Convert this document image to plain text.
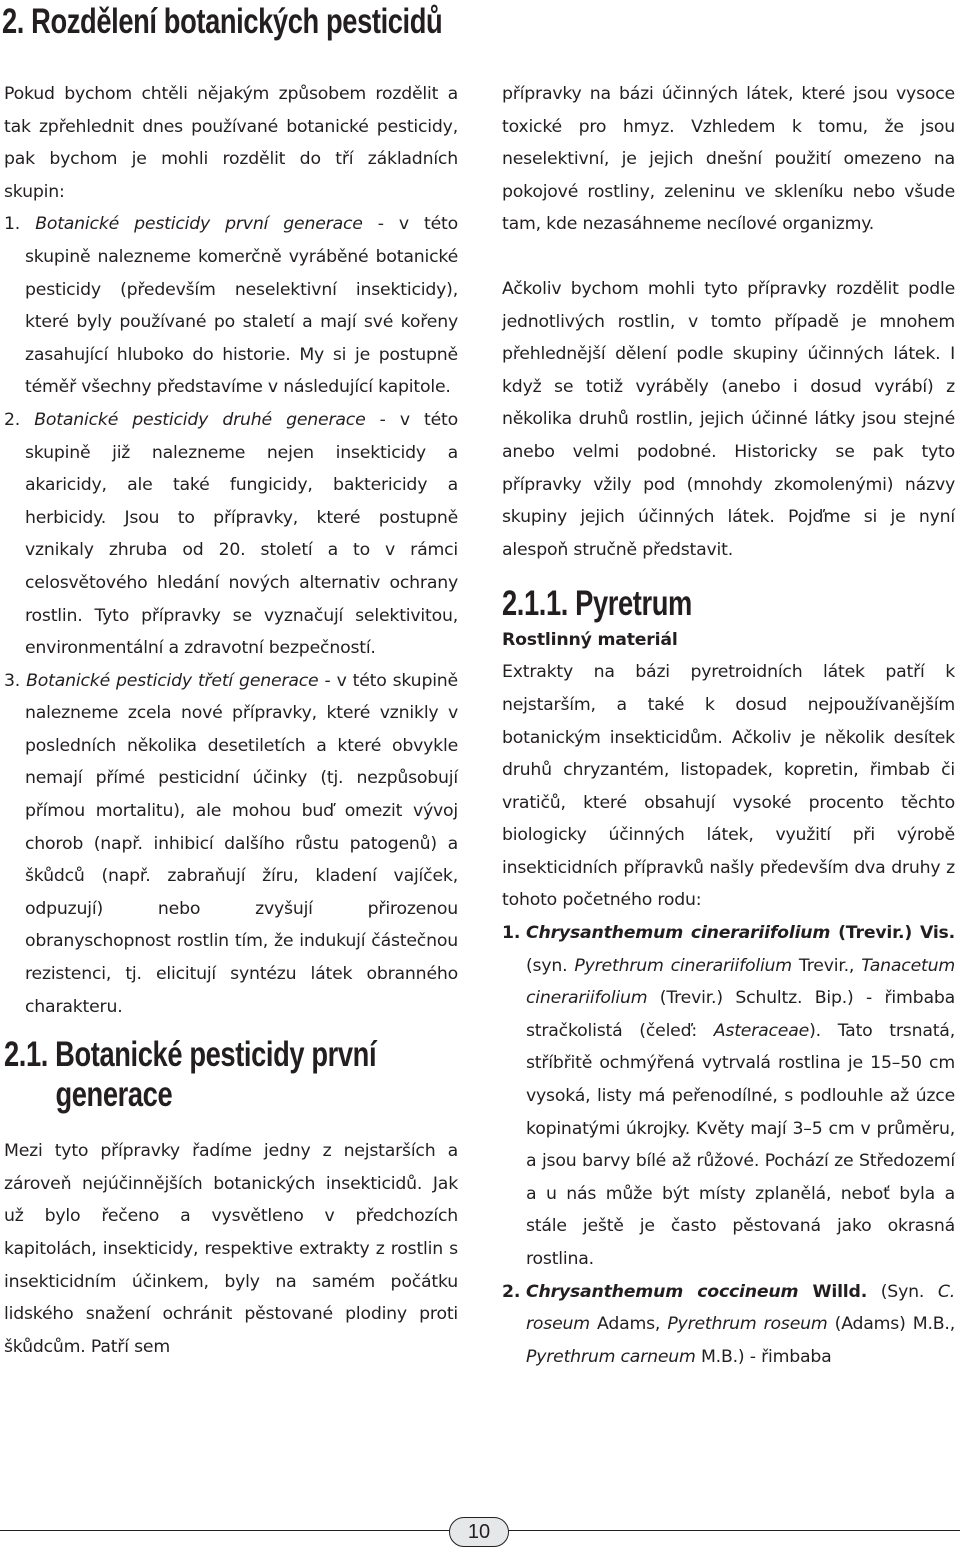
2. Rozdělení botanických pesticidů

Pokud bychom chtěli nějakým způsobem rozdělit a tak zpřehlednit dnes používané botanické pesticidy, pak bychom je mohli rozdělit do tří základních skupin:

1. Botanické pesticidy první generace - v této skupině nalezneme komerčně vyráběné botanické pesticidy (především neselektivní insekticidy), které byly používané po staletí a mají své kořeny zasahující hluboko do historie. My si je postupně téměř všechny představíme v následující kapitole.

2. Botanické pesticidy druhé generace - v této skupině již nalezneme nejen insekticidy a akaricidy, ale také fungicidy, baktericidy a herbicidy. Jsou to přípravky, které postupně vznikaly zhruba od 20. století a to v rámci celosvětového hledání nových alternativ ochrany rostlin. Tyto přípravky se vyznačují selektivitou, environmentální a zdravotní bezpečností.

3. Botanické pesticidy třetí generace - v této skupině nalezneme zcela nové přípravky, které vznikly v posledních několika desetiletích a které obvykle nemají přímé pesticidní účinky (tj. nezpůsobují přímou mortalitu), ale mohou buď omezit vývoj chorob (např. inhibicí dalšího růstu patogenů) a škůdců (např. zabraňují žíru, kladení vajíček, odpuzují) nebo zvyšují přirozenou obranyschopnost rostlin tím, že indukují částečnou rezistenci, tj. elicitují syntézu látek obranného charakteru.

2.1. Botanické pesticidy první
generace

Mezi tyto přípravky řadíme jedny z nejstarších a zároveň nejúčinnějších botanických insekticidů. Jak už bylo řečeno a vysvětleno v předchozích kapitolách, insekticidy, respektive extrakty z rostlin s insekticidním účinkem, byly na samém počátku lidského snažení ochránit pěstované plodiny proti škůdcům. Patří sem

přípravky na bázi účinných látek, které jsou vysoce toxické pro hmyz. Vzhledem k tomu, že jsou neselektivní, je jejich dnešní použití omezeno na pokojové rostliny, zeleninu ve skleníku nebo všude tam, kde nezasáhneme necílové organizmy.

Ačkoliv bychom mohli tyto přípravky rozdělit podle jednotlivých rostlin, v tomto případě je mnohem přehlednější dělení podle skupiny účinných látek. I když se totiž vyráběly (anebo i dosud vyrábí) z několika druhů rostlin, jejich účinné látky jsou stejné anebo velmi podobné. Historicky se pak tyto přípravky vžily pod (mnohdy zkomolenými) názvy skupiny jejich účinných látek. Pojďme si je nyní alespoň stručně představit.

2.1.1. Pyretrum

Rostlinný materiál

Extrakty na bázi pyretroidních látek patří k nejstarším, a také k dosud nejpoužívanějším botanickým insekticidům. Ačkoliv je několik desítek druhů chryzantém, listopadek, kopretin, řimbab či vratičů, které obsahují vysoké procento těchto biologicky účinných látek, využití při výrobě insekticidních přípravků našly především dva druhy z tohoto početného rodu:

1. Chrysanthemum cinerariifolium (Trevir.) Vis. (syn. Pyrethrum cinerariifolium Trevir., Tanacetum cinerariifolium (Trevir.) Schultz. Bip.) - řimbaba stračkolistá (čeleď: Asteraceae). Tato trsnatá, stříbřitě ochmýřená vytrvalá rostlina je 15–50 cm vysoká, listy má peřenodílné, s podlouhle až úzce kopinatými úkrojky. Květy mají 3–5 cm v průměru, a jsou barvy bílé až růžové. Pochází ze Středozemí a u nás může být místy zplanělá, neboť byla a stále ještě je často pěstovaná jako okrasná rostlina.

2. Chrysanthemum coccineum Willd. (Syn. C. roseum Adams, Pyrethrum roseum (Adams) M.B., Pyrethrum carneum M.B.) - řimbaba

10
